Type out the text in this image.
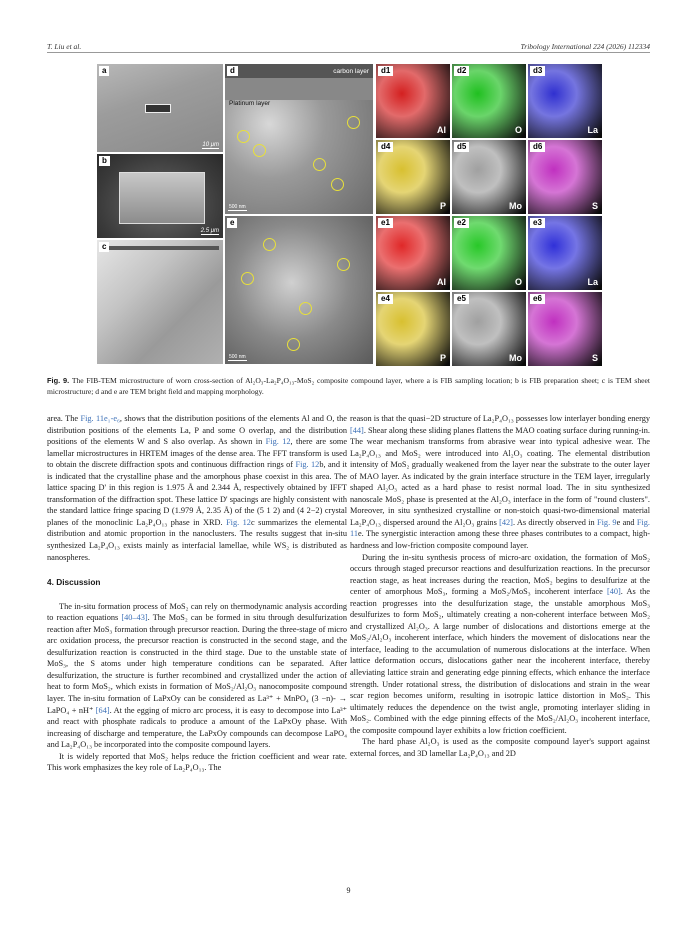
T. Liu et al.	Tribology International 224 (2026) 112334
a
10 μm
b
2.5 μm
c
carbon layer
Platinum layer
d
500 nm
e
500 nm
d1
Al
d2
O
d3
La
d4
P
d5
Mo
d6
S
e1
Al
e2
O
e3
La
e4
P
e5
Mo
e6
S
Fig. 9. The FIB-TEM microstructure of worn cross-section of Al₂O₃-La₂P₄O₁₃-MoS₂ composite compound layer, where a is FIB sampling location; b is FIB preparation sheet; c is TEM sheet microstructure; d and e are TEM bright field and mapping morphology.

area. The Fig. 11e₁-e₆, shows that the distribution positions of the elements Al and O, the distribution positions of the elements La, P and some O overlap, and the distribution positions of the elements W and S also overlap. As shown in Fig. 12, there are some lamellar microstructures in HRTEM images of the dense area. The FFT transform is used to obtain the discrete diffraction spots and continuous diffraction rings of Fig. 12b, and it is indicated that the crystalline phase and the amorphous phase coexist in this area. The lattice spacing D' in this region is 1.975 Å and 2.344 Å, respectively obtained by IFFT transformation of the diffraction spot. These lattice D' spacings are highly consistent with the standard lattice fringe spacing D (1.979 Å, 2.35 Å) of the (5 1 2) and (4 2−2) crystal planes of the monoclinic La₂P₄O₁₃ phase in XRD. Fig. 12c summarizes the elemental distribution and atomic proportion in the nanoclusters. The results suggest that in-situ synthesized La₂P₄O₁₃ exists mainly as interfacial lamellae, while WS₂ is distributed as nanospheres.

4. Discussion

The in-situ formation process of MoS₂ can rely on thermodynamic analysis according to reaction equations [40–43]. The MoS₂ can be formed in situ through desulfurization reaction after MoS₃ formation through precursor reaction. During the three-stage of micro arc oxidation process, the precursor reaction is constructed in the second stage, and the desulfurization reaction is constructed in the third stage. Due to the unstable state of MoS₃, the S atoms under high temperature conditions can be separated. After desulfurization, the structure is further recombined and crystallized under the action of heat to form MoS₂, which exists in formation of MoS₂/Al₂O₃ nanocomposite compound layer. The in-situ formation of LaPxOy can be considered as La³⁺ + MnPO₄ (3 −n)- → LaPO₄ + nH⁺ [64]. At the egging of micro arc process, it is easy to decompose into La³⁺ and react with phosphate radicals to produce a amount of the LaPxOy phase. With increasing of discharge and temperature, the LaPxOy compounds can decompose LaPO₄ and La₂P₄O₁₃ be incorporated into the composite compound layers.

It is widely reported that MoS₂ helps reduce the friction coefficient and wear rate. This work emphasizes the key role of La₂P₄O₁₃. The

reason is that the quasi−2D structure of La₂P₄O₁₃ possesses low interlayer bonding energy [44]. Shear along these sliding planes flattens the MAO coating surface during running-in. The wear mechanism transforms from abrasive wear into typical adhesive wear. The La₂P₄O₁₃ and MoS₂ were introduced into Al₂O₃ coating. The elemental distribution intensity of MoS₂ gradually weakened from the layer near the substrate to the outer layer of MAO layer. As indicated by the grain interface structure in the TEM layer, irregularly shaped Al₂O₃ acted as a hard phase to resist normal load. The in situ synthesized nanoscale MoS₂ phase is presented at the Al₂O₃ interface in the form of "round clusters". Moreover, in situ synthesized crystalline or non-stoich quasi-two-dimensional material La₂P₄O₁₃ dispersed around the Al₂O₃ grains [42]. As directly observed in Fig. 9e and Fig. 11e. The synergistic interaction among these three phases contributes to a compact, high-hardness and low-friction composite compound layer.

During the in-situ synthesis process of micro-arc oxidation, the formation of MoS₂ occurs through staged precursor reactions and desulfurization reactions. In the precursor reaction stage, as heat increases during the reaction, MoS₂ begins to desulfurize at the center of amorphous MoS₃, forming a MoS₂/MoS₃ incoherent interface [40]. As the reaction progresses into the desulfurization stage, the unstable amorphous MoS₃ desulfurizes to form MoS₂, ultimately creating a non-coherent interface between MoS₂ and crystallized Al₂O₃. A large number of dislocations and distortions emerge at the MoS₂/Al₂O₃ incoherent interface, which hinders the movement of dislocations near the interface, leading to the accumulation of numerous dislocations at the interface. When lattice deformation occurs, dislocations gather near the incoherent interface, thereby alleviating lattice strain and generating edge pinning effects, which enhance the interface strength. Under rotational stress, the distribution of dislocations and strain in the wear scar region becomes uniform, resulting in isotropic lattice distortion in MoS₂. This ultimately reduces the dependence on the twist angle, promoting interlayer sliding in MoS₂. Combined with the edge pinning effects of the MoS₂/Al₂O₃ incoherent interface, the composite compound layer exhibits a low friction coefficient.

The hard phase Al₂O₃ is used as the composite compound layer's support against external forces, and 3D lamellar La₂P₄O₁₃ and 2D

9
